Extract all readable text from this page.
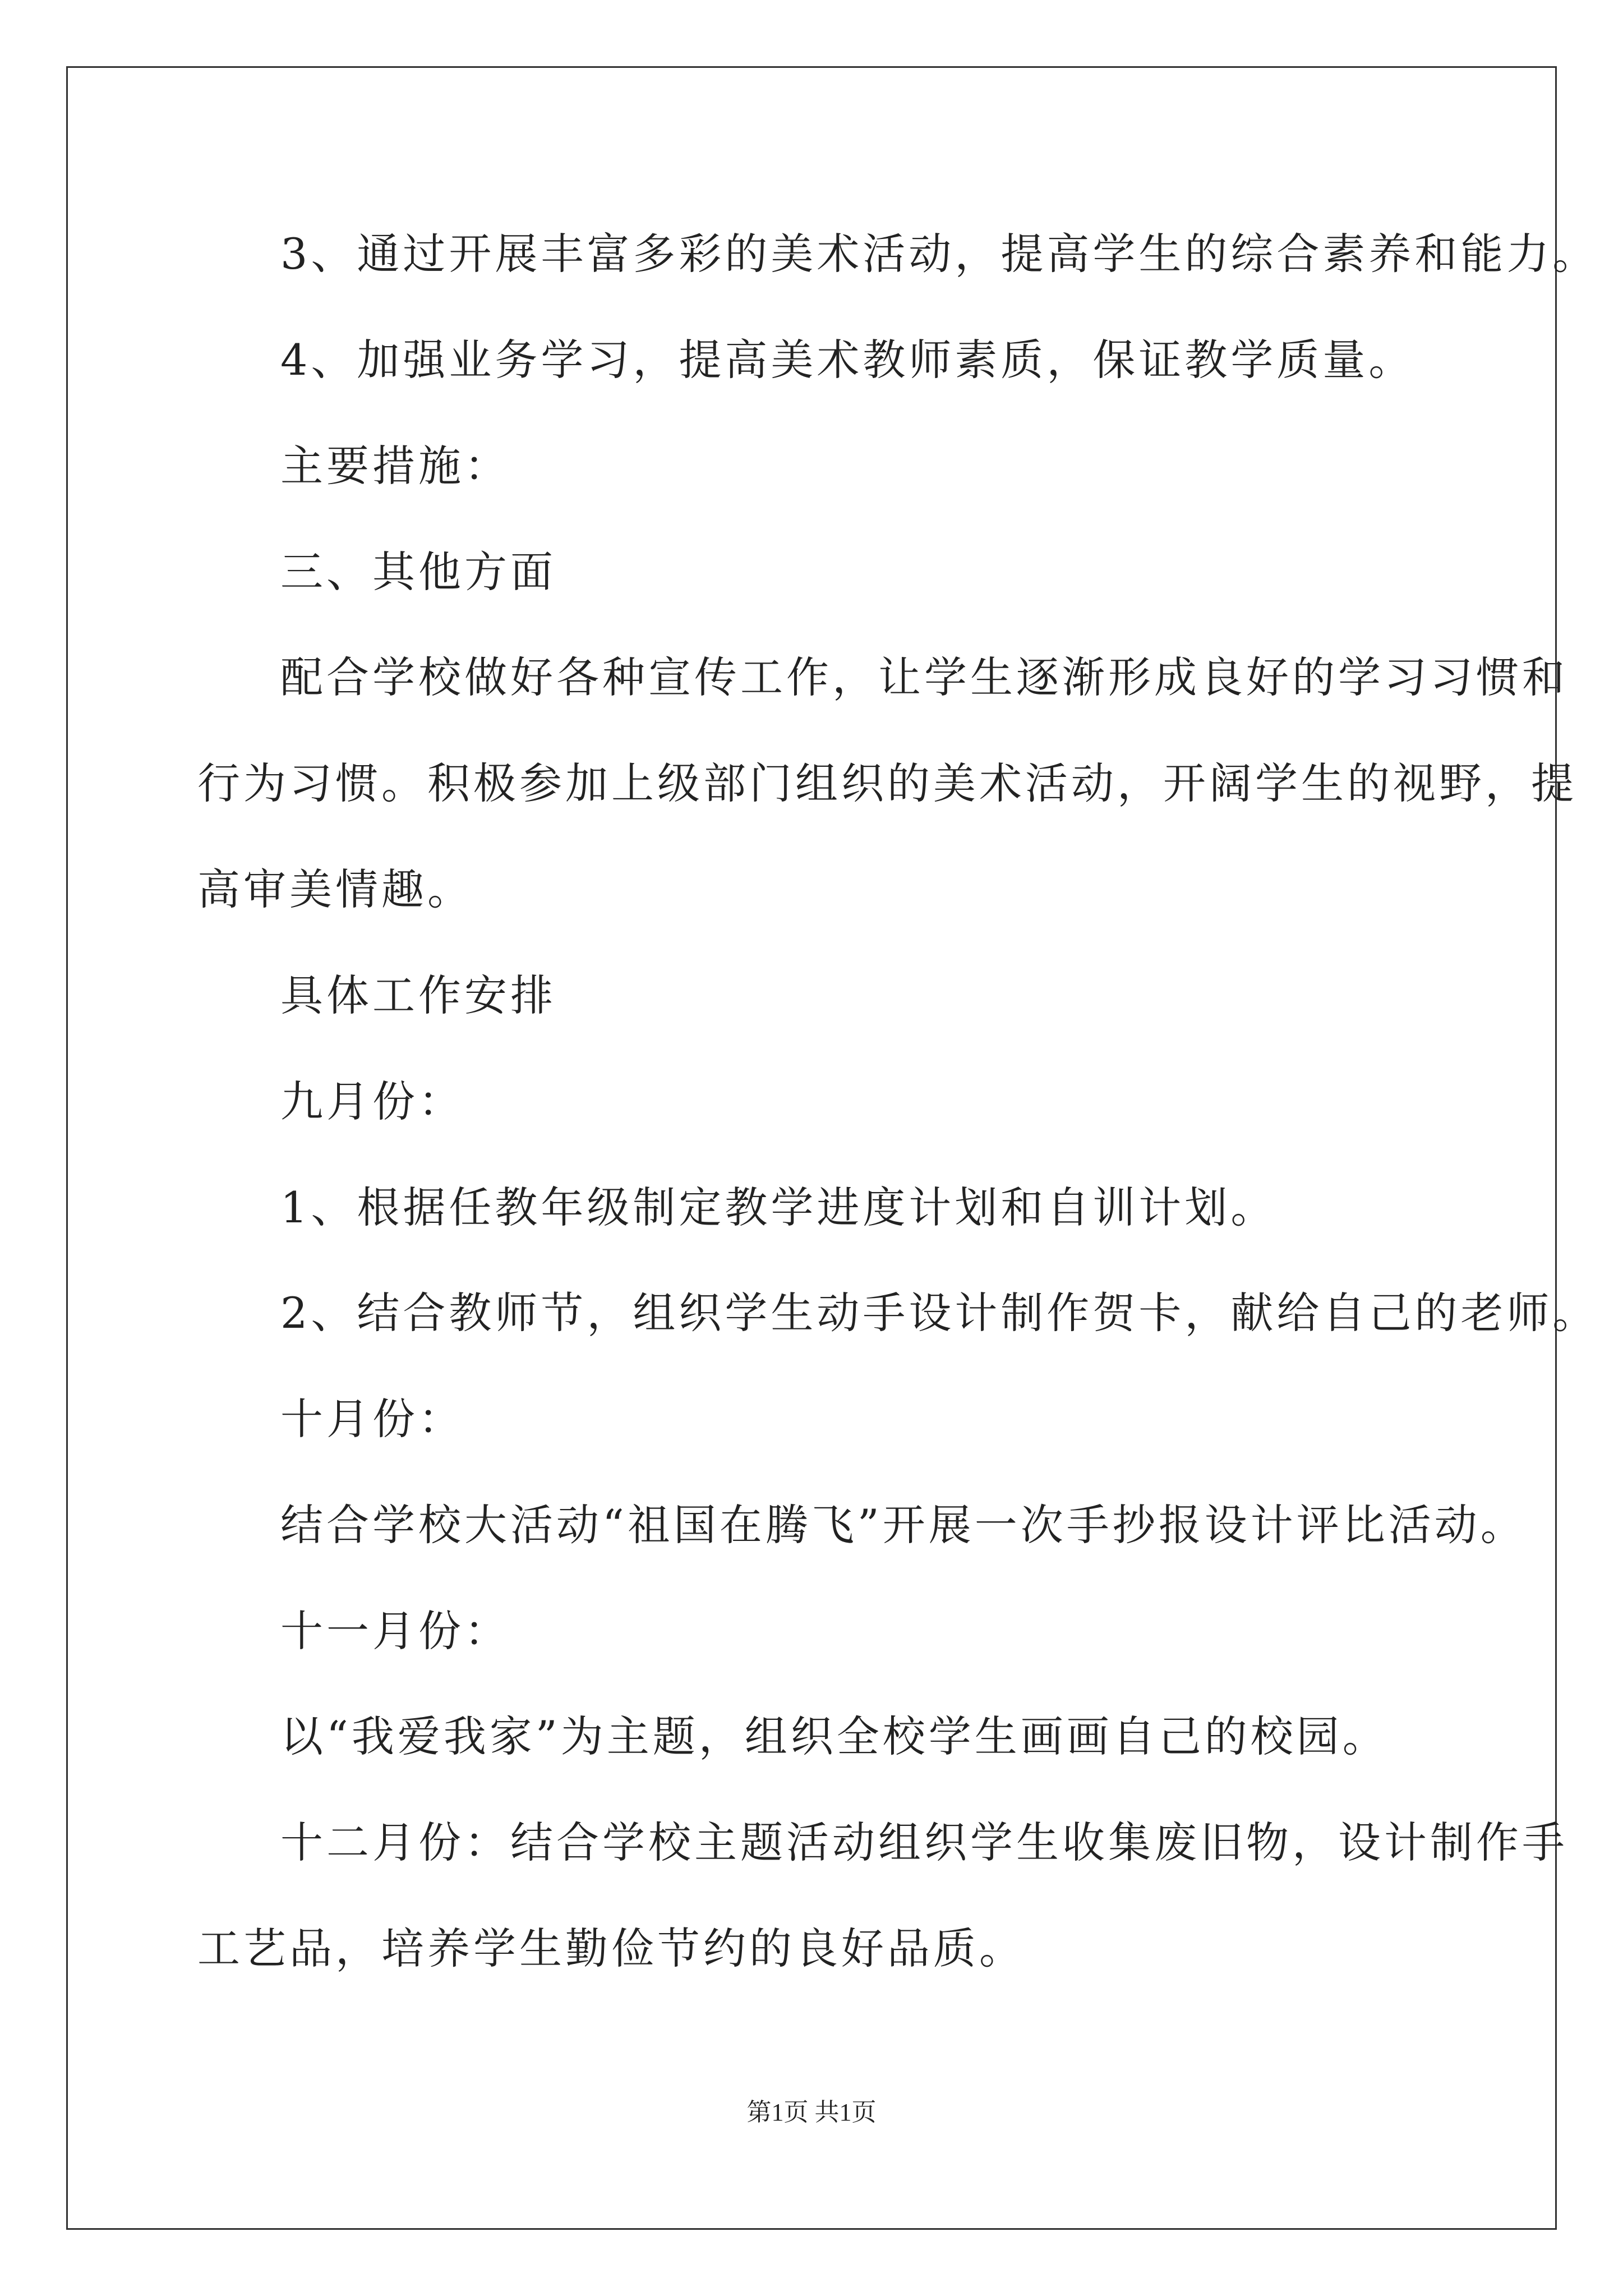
3、通过开展丰富多彩的美术活动，提高学生的综合素养和能力。
4、加强业务学习，提高美术教师素质，保证教学质量。
主要措施：
三、其他方面
配合学校做好各种宣传工作，让学生逐渐形成良好的学习习惯和
行为习惯。积极参加上级部门组织的美术活动，开阔学生的视野，提
高审美情趣。
具体工作安排
九月份：
1、根据任教年级制定教学进度计划和自训计划。
2、结合教师节，组织学生动手设计制作贺卡，献给自己的老师。
十月份：
结合学校大活动“祖国在腾飞”开展一次手抄报设计评比活动。
十一月份：
以“我爱我家”为主题，组织全校学生画画自己的校园。
十二月份：结合学校主题活动组织学生收集废旧物，设计制作手
工艺品，培养学生勤俭节约的良好品质。
第1页 共1页
